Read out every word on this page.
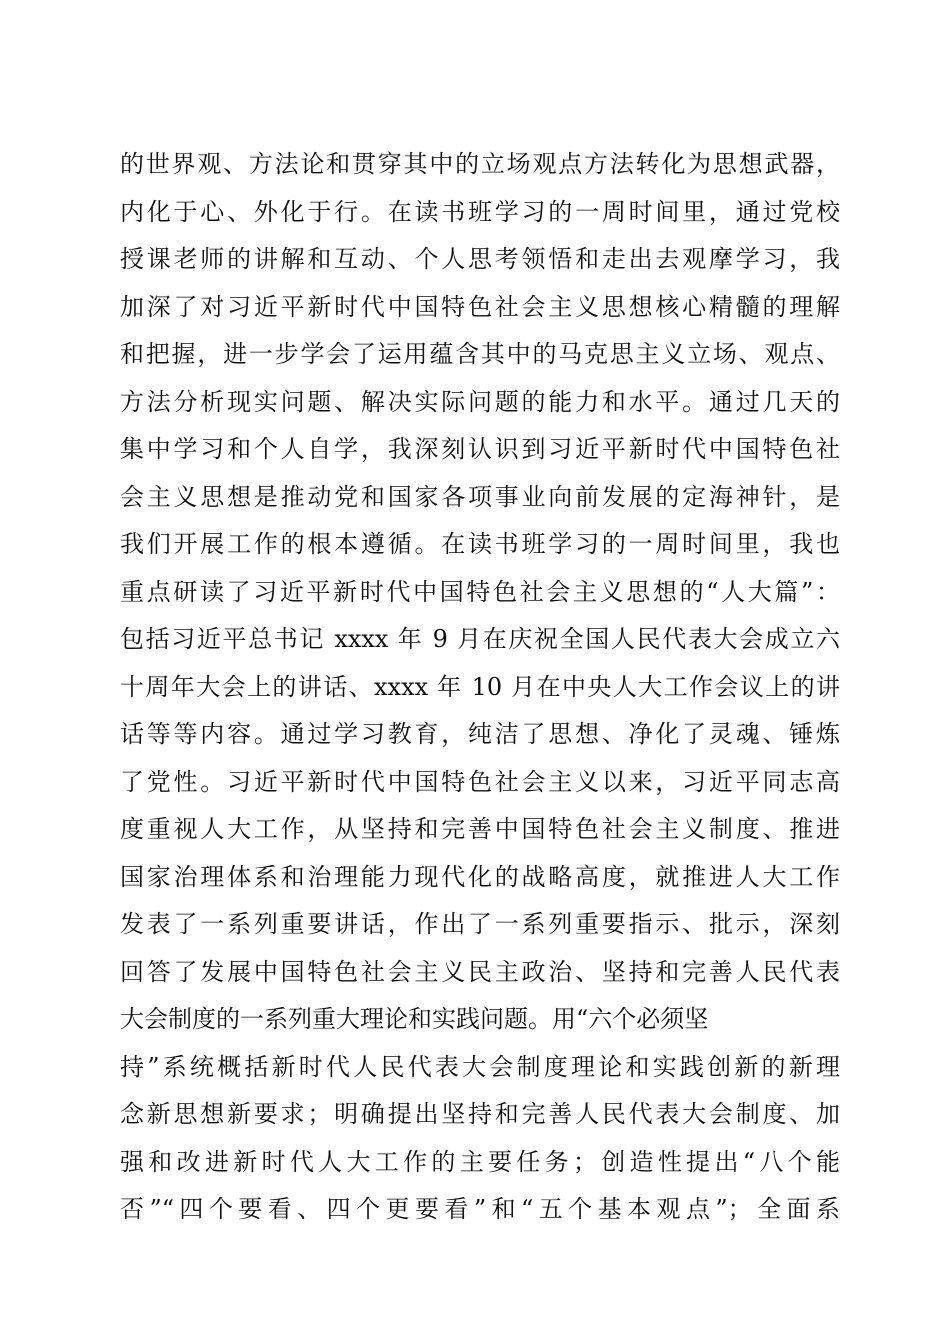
的世界观、方法论和贯穿其中的立场观点方法转化为思想武器，
内化于心、外化于行。在读书班学习的一周时间里，通过党校
授课老师的讲解和互动、个人思考领悟和走出去观摩学习，我
加深了对习近平新时代中国特色社会主义思想核心精髓的理解
和把握，进一步学会了运用蕴含其中的马克思主义立场、观点、
方法分析现实问题、解决实际问题的能力和水平。通过几天的
集中学习和个人自学，我深刻认识到习近平新时代中国特色社
会主义思想是推动党和国家各项事业向前发展的定海神针，是
我们开展工作的根本遵循。在读书班学习的一周时间里，我也
重点研读了习近平新时代中国特色社会主义思想的“人大篇”：
包括习近平总书记 xxxx 年 9 月在庆祝全国人民代表大会成立六
十周年大会上的讲话、xxxx 年 10 月在中央人大工作会议上的讲
话等等内容。通过学习教育，纯洁了思想、净化了灵魂、锤炼
了党性。习近平新时代中国特色社会主义以来，习近平同志高
度重视人大工作，从坚持和完善中国特色社会主义制度、推进
国家治理体系和治理能力现代化的战略高度，就推进人大工作
发表了一系列重要讲话，作出了一系列重要指示、批示，深刻
回答了发展中国特色社会主义民主政治、坚持和完善人民代表
大会制度的一系列重大理论和实践问题。用“六个必须坚
持”系统概括新时代人民代表大会制度理论和实践创新的新理
念新思想新要求；明确提出坚持和完善人民代表大会制度、加
强和改进新时代人大工作的主要任务；创造性提出“八个能
否”“四个要看、四个更要看”和“五个基本观点”；全面系
